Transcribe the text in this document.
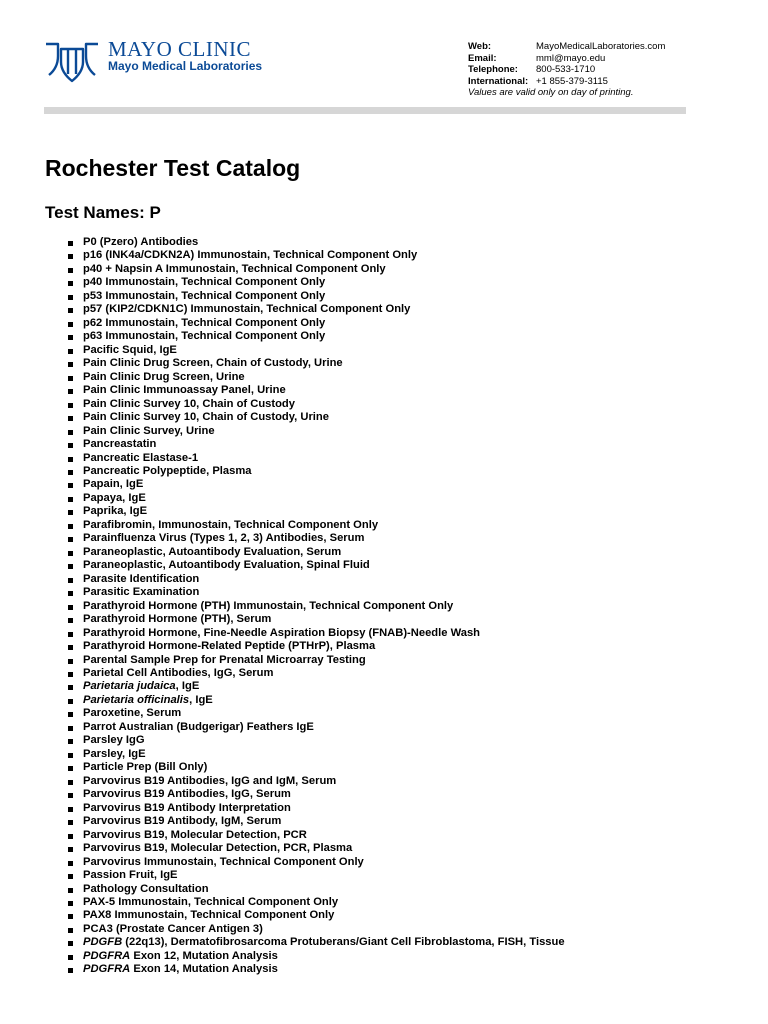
MAYO CLINIC
Mayo Medical Laboratories
Web:	MayoMedicalLaboratories.com
Email:	mml@mayo.edu
Telephone:	800-533-1710
International: +1 855-379-3115
Values are valid only on day of printing.
Rochester Test Catalog
Test Names: P
P0 (Pzero) Antibodies
p16 (INK4a/CDKN2A) Immunostain, Technical Component Only
p40 + Napsin A Immunostain, Technical Component Only
p40 Immunostain, Technical Component Only
p53 Immunostain, Technical Component Only
p57 (KIP2/CDKN1C) Immunostain, Technical Component Only
p62 Immunostain, Technical Component Only
p63 Immunostain, Technical Component Only
Pacific Squid, IgE
Pain Clinic Drug Screen, Chain of Custody, Urine
Pain Clinic Drug Screen, Urine
Pain Clinic Immunoassay Panel, Urine
Pain Clinic Survey 10, Chain of Custody
Pain Clinic Survey 10, Chain of Custody, Urine
Pain Clinic Survey, Urine
Pancreastatin
Pancreatic Elastase-1
Pancreatic Polypeptide, Plasma
Papain, IgE
Papaya, IgE
Paprika, IgE
Parafibromin, Immunostain, Technical Component Only
Parainfluenza Virus (Types 1, 2, 3) Antibodies, Serum
Paraneoplastic, Autoantibody Evaluation, Serum
Paraneoplastic, Autoantibody Evaluation, Spinal Fluid
Parasite Identification
Parasitic Examination
Parathyroid Hormone (PTH) Immunostain, Technical Component Only
Parathyroid Hormone (PTH), Serum
Parathyroid Hormone, Fine-Needle Aspiration Biopsy (FNAB)-Needle Wash
Parathyroid Hormone-Related Peptide (PTHrP), Plasma
Parental Sample Prep for Prenatal Microarray Testing
Parietal Cell Antibodies, IgG, Serum
Parietaria judaica, IgE
Parietaria officinalis, IgE
Paroxetine, Serum
Parrot Australian (Budgerigar) Feathers IgE
Parsley IgG
Parsley, IgE
Particle Prep (Bill Only)
Parvovirus B19 Antibodies, IgG and IgM, Serum
Parvovirus B19 Antibodies, IgG, Serum
Parvovirus B19 Antibody Interpretation
Parvovirus B19 Antibody, IgM, Serum
Parvovirus B19, Molecular Detection, PCR
Parvovirus B19, Molecular Detection, PCR, Plasma
Parvovirus Immunostain, Technical Component Only
Passion Fruit, IgE
Pathology Consultation
PAX-5 Immunostain, Technical Component Only
PAX8 Immunostain, Technical Component Only
PCA3 (Prostate Cancer Antigen 3)
PDGFB (22q13), Dermatofibrosarcoma Protuberans/Giant Cell Fibroblastoma, FISH, Tissue
PDGFRA Exon 12, Mutation Analysis
PDGFRA Exon 14, Mutation Analysis
